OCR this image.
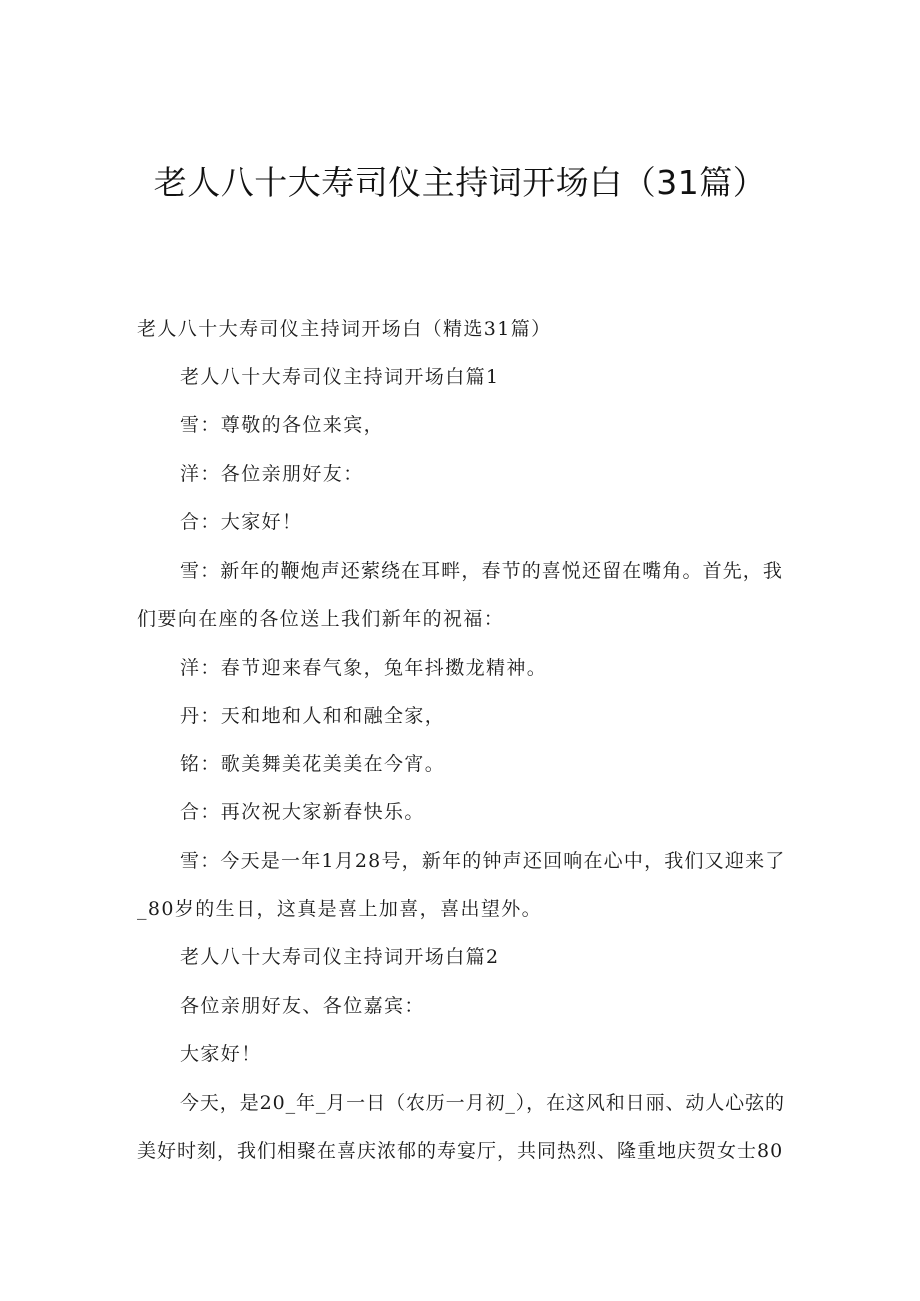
老人八十大寿司仪主持词开场白（31篇）
老人八十大寿司仪主持词开场白（精选31篇）
老人八十大寿司仪主持词开场白篇1
雪：尊敬的各位来宾，
洋：各位亲朋好友：
合：大家好！
雪：新年的鞭炮声还萦绕在耳畔，春节的喜悦还留在嘴角。首先，我
们要向在座的各位送上我们新年的祝福：
洋：春节迎来春气象，兔年抖擞龙精神。
丹：天和地和人和和融全家，
铭：歌美舞美花美美在今宵。
合：再次祝大家新春快乐。
雪：今天是一年1月28号，新年的钟声还回响在心中，我们又迎来了
_80岁的生日，这真是喜上加喜，喜出望外。
老人八十大寿司仪主持词开场白篇2
各位亲朋好友、各位嘉宾：
大家好！
今天，是20_年_月一日（农历一月初_），在这风和日丽、动人心弦的
美好时刻，我们相聚在喜庆浓郁的寿宴厅，共同热烈、隆重地庆贺女士80
